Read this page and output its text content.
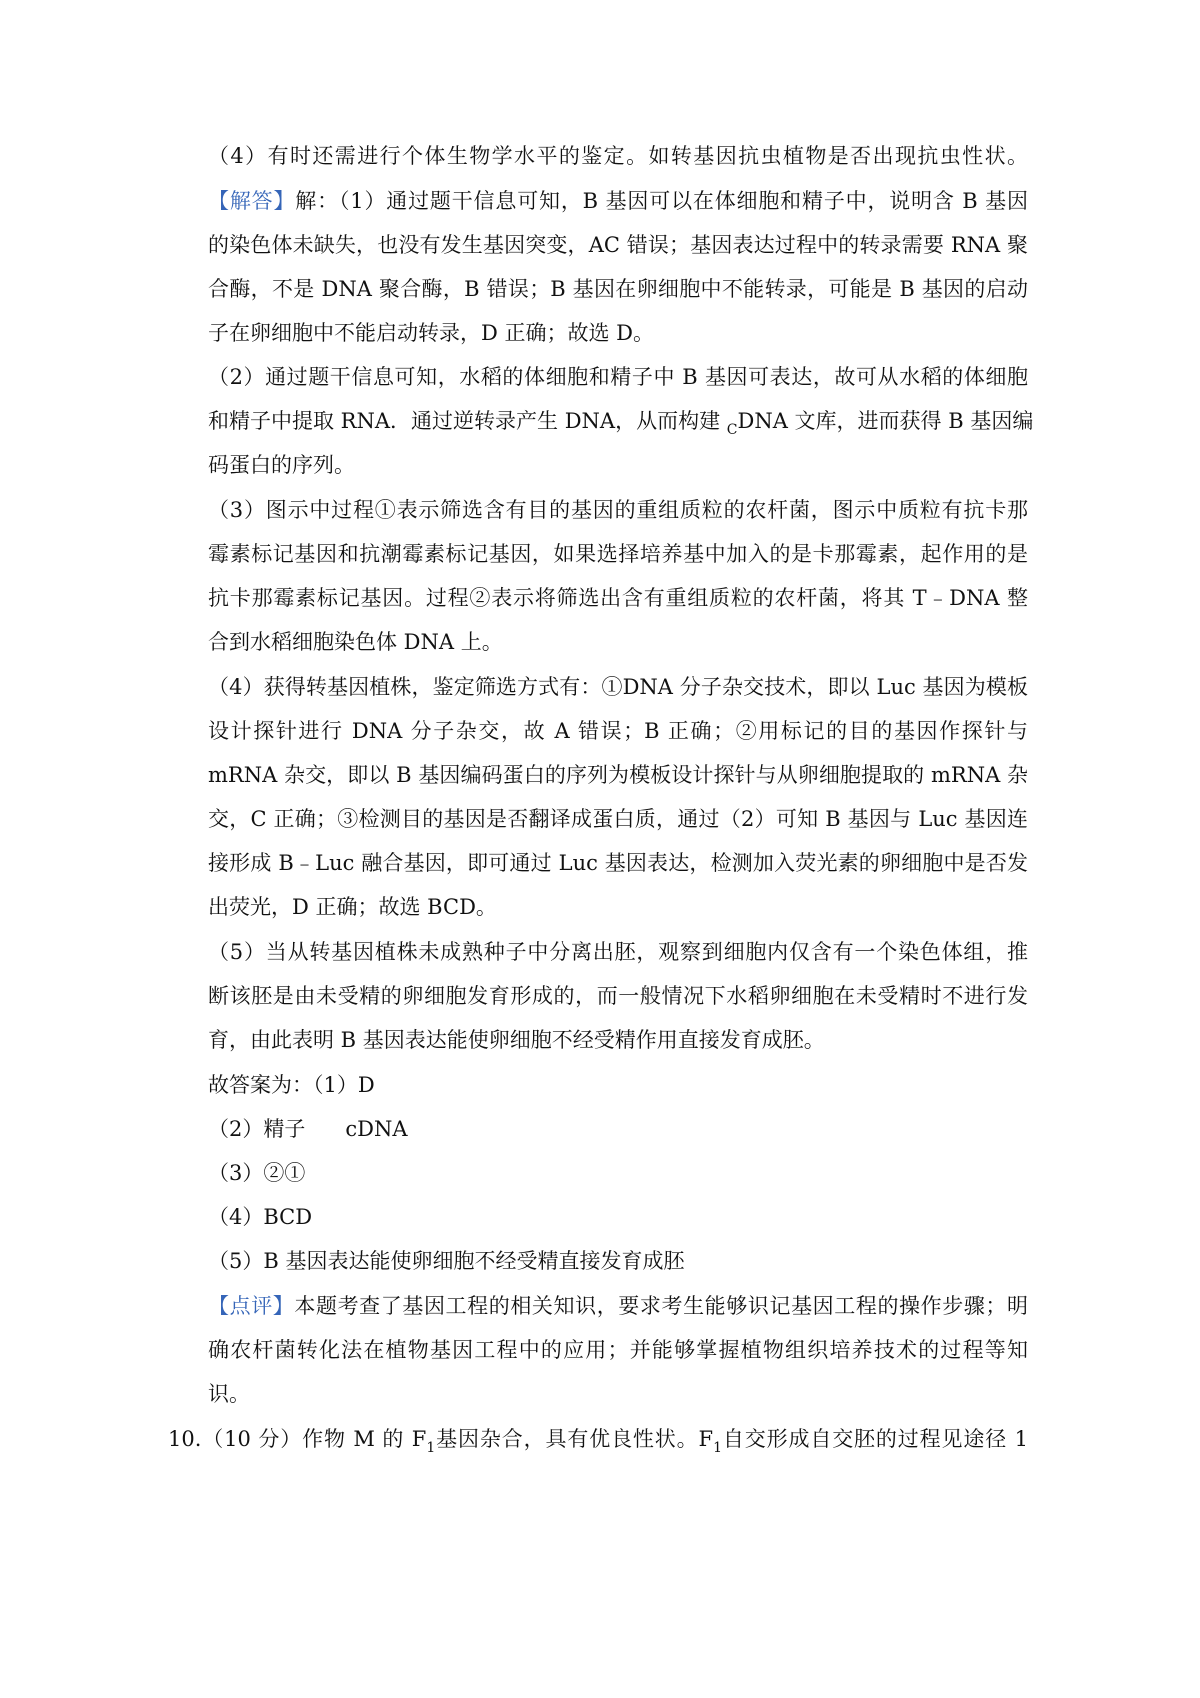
（4）有时还需进行个体生物学水平的鉴定。如转基因抗虫植物是否出现抗虫性状。
【解答】解：（1）通过题干信息可知，B 基因可以在体细胞和精子中，说明含 B 基因
的染色体未缺失，也没有发生基因突变，AC 错误；基因表达过程中的转录需要 RNA 聚
合酶，不是 DNA 聚合酶，B 错误；B 基因在卵细胞中不能转录，可能是 B 基因的启动
子在卵细胞中不能启动转录，D 正确；故选 D。
（2）通过题干信息可知，水稻的体细胞和精子中 B 基因可表达，故可从水稻的体细胞
和精子中提取 RNA．通过逆转录产生 DNA，从而构建 $_C$DNA 文库，进而获得 B 基因编
码蛋白的序列。
（3）图示中过程①表示筛选含有目的基因的重组质粒的农杆菌，图示中质粒有抗卡那
霉素标记基因和抗潮霉素标记基因，如果选择培养基中加入的是卡那霉素，起作用的是
抗卡那霉素标记基因。过程②表示将筛选出含有重组质粒的农杆菌，将其 T﹣DNA 整
合到水稻细胞染色体 DNA 上。
（4）获得转基因植株，鉴定筛选方式有：①DNA 分子杂交技术，即以 Luc 基因为模板
设计探针进行 DNA 分子杂交，故 A 错误；B 正确；②用标记的目的基因作探针与
mRNA 杂交，即以 B 基因编码蛋白的序列为模板设计探针与从卵细胞提取的 mRNA 杂
交，C 正确；③检测目的基因是否翻译成蛋白质，通过（2）可知 B 基因与 Luc 基因连
接形成 B﹣Luc 融合基因，即可通过 Luc 基因表达，检测加入荧光素的卵细胞中是否发
出荧光，D 正确；故选 BCD。
（5）当从转基因植株未成熟种子中分离出胚，观察到细胞内仅含有一个染色体组，推
断该胚是由未受精的卵细胞发育形成的，而一般情况下水稻卵细胞在未受精时不进行发
育，由此表明 B 基因表达能使卵细胞不经受精作用直接发育成胚。
故答案为：（1）D
（2）精子 cDNA
（3）②①
（4）BCD
（5）B 基因表达能使卵细胞不经受精直接发育成胚
【点评】本题考查了基因工程的相关知识，要求考生能够识记基因工程的操作步骤；明
确农杆菌转化法在植物基因工程中的应用；并能够掌握植物组织培养技术的过程等知
识。
10.（10 分）作物 M 的 $F_1$基因杂合，具有优良性状。$F_1$自交形成自交胚的过程见途径 1
